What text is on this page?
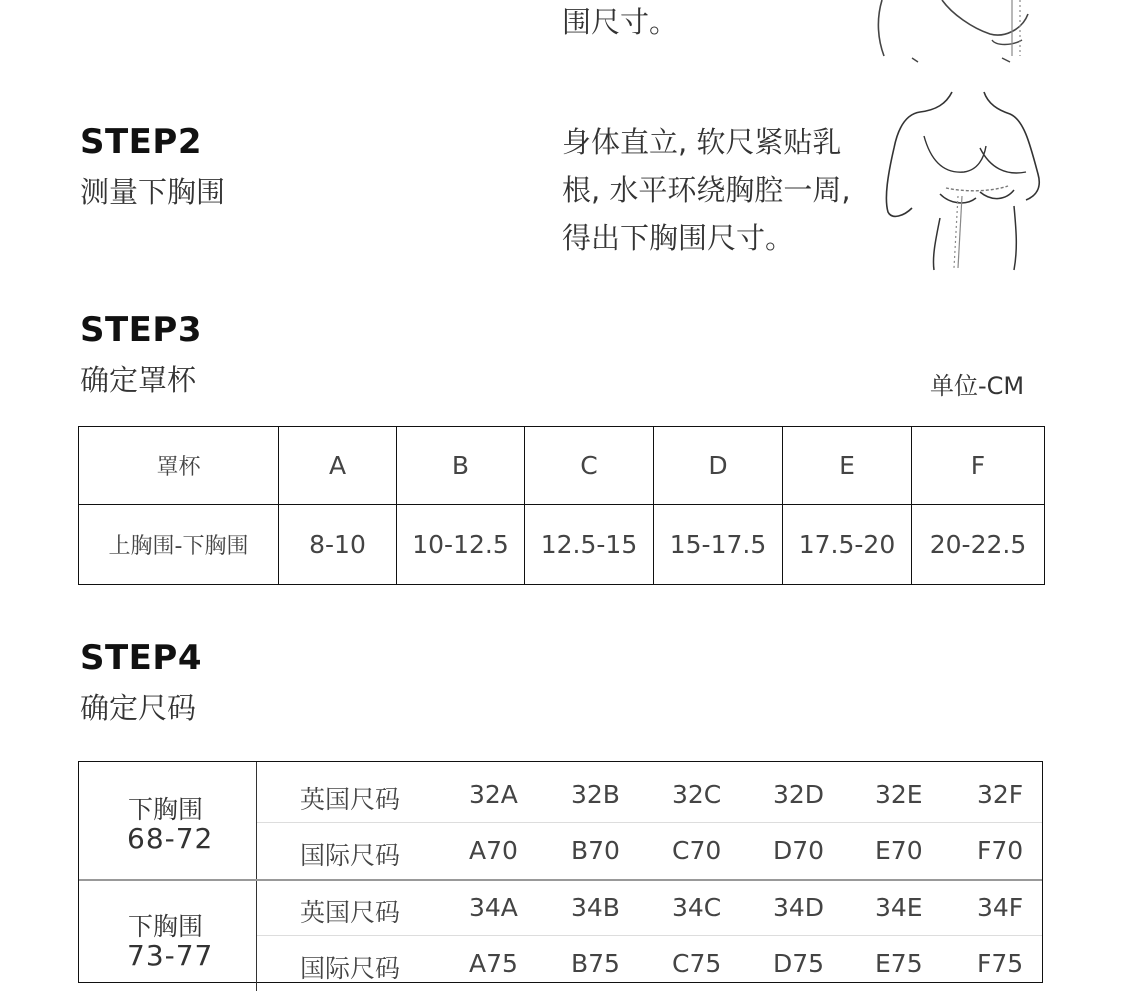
围尺寸。
STEP2
测量下胸围
身体直立, 软尺紧贴乳
根, 水平环绕胸腔一周,
得出下胸围尺寸。
STEP3
确定罩杯	单位-CM
罩杯	A	B	C	D	E	F
上胸围-下胸围	8-10	10-12.5	12.5-15	15-17.5	17.5-20	20-22.5
STEP4
确定尺码
下胸围
68-72
英国尺码	32A 32B 32C 32D 32E 32F
国际尺码	A70 B70 C70 D70 E70 F70
下胸围
73-77
英国尺码	34A 34B 34C 34D 34E 34F
国际尺码	A75 B75 C75 D75 E75 F75
